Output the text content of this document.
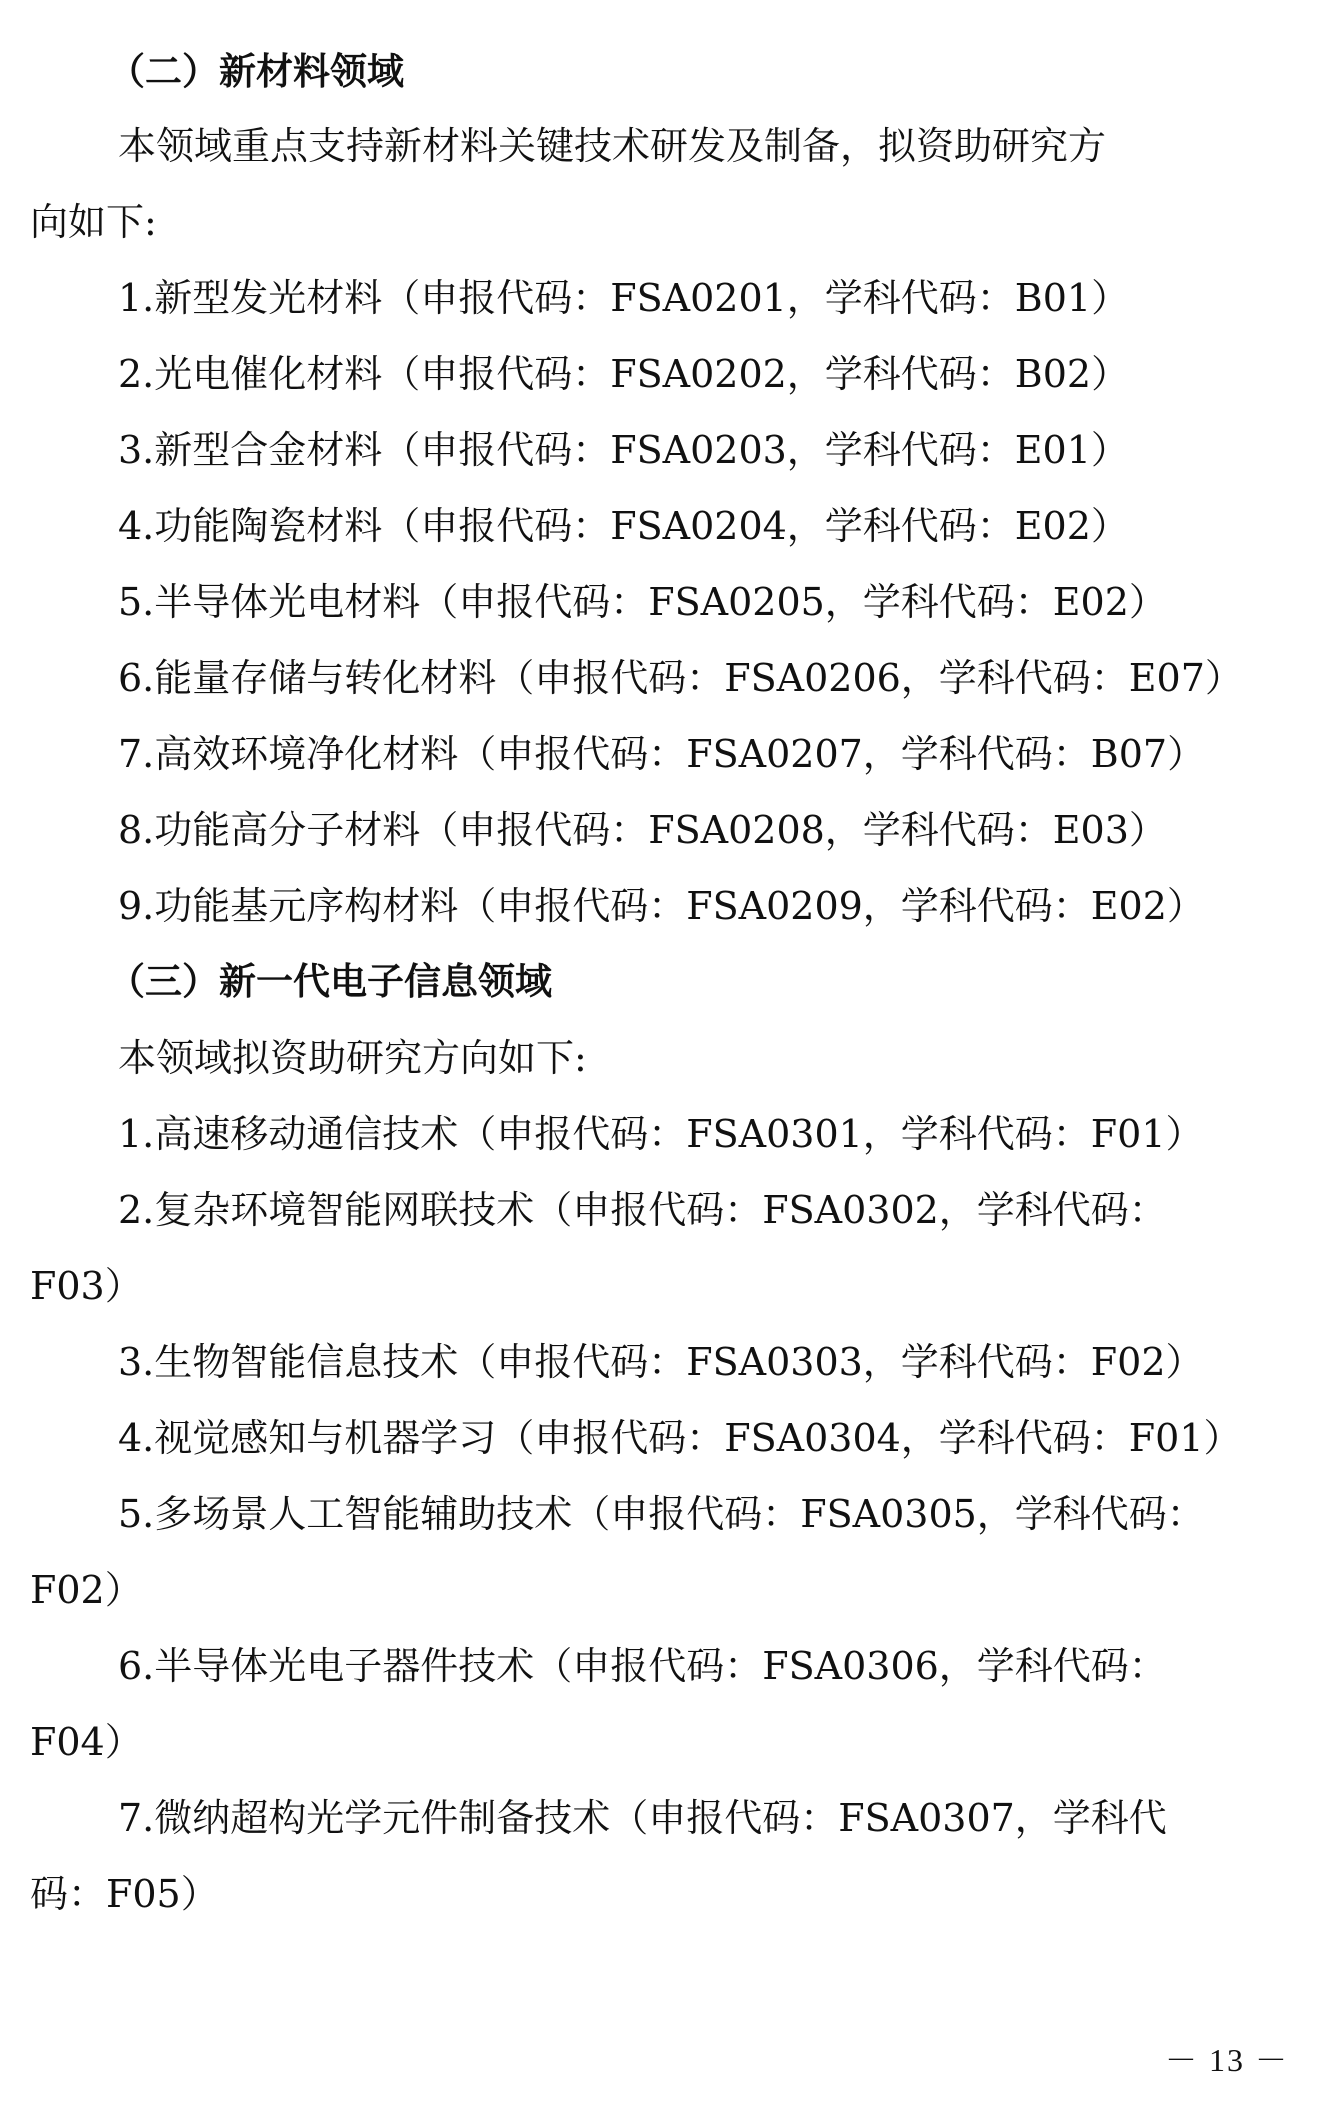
（二）新材料领域
本领域重点支持新材料关键技术研发及制备，拟资助研究方
向如下:
1.新型发光材料（申报代码：FSA0201，学科代码：B01）
2.光电催化材料（申报代码：FSA0202，学科代码：B02）
3.新型合金材料（申报代码：FSA0203，学科代码：E01）
4.功能陶瓷材料（申报代码：FSA0204，学科代码：E02）
5.半导体光电材料（申报代码：FSA0205，学科代码：E02）
6.能量存储与转化材料（申报代码：FSA0206，学科代码：E07）
7.高效环境净化材料（申报代码：FSA0207，学科代码：B07）
8.功能高分子材料（申报代码：FSA0208，学科代码：E03）
9.功能基元序构材料（申报代码：FSA0209，学科代码：E02）
（三）新一代电子信息领域
本领域拟资助研究方向如下:
1.高速移动通信技术（申报代码：FSA0301，学科代码：F01）
2.复杂环境智能网联技术（申报代码：FSA0302，学科代码：
F03）
3.生物智能信息技术（申报代码：FSA0303，学科代码：F02）
4.视觉感知与机器学习（申报代码：FSA0304，学科代码：F01）
5.多场景人工智能辅助技术（申报代码：FSA0305，学科代码：
F02）
6.半导体光电子器件技术（申报代码：FSA0306，学科代码：
F04）
7.微纳超构光学元件制备技术（申报代码：FSA0307，学科代
码：F05）
－ 13 －
